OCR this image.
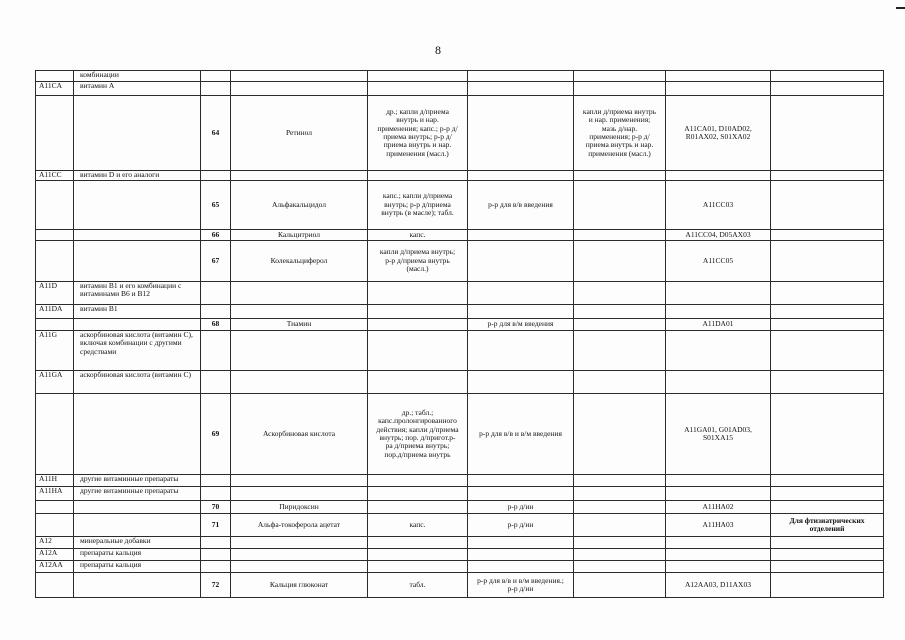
8
	комбинации							
A11CA	витамин A							
		64	Ретинол	др.; капли д/приема внутрь и нар. применения; капс.; р-р д/приема внутрь; р-р д/приема внутрь и нар. применения (масл.)		капли д/приема внутрь и нар. применения; мазь д/нар. применения; р-р д/приема внутрь и нар. применения (масл.)	A11CA01, D10AD02, R01AX02, S01XA02	
A11CC	витамин D и его аналоги							
		65	Альфакальцидол	капс.; капли д/приема внутрь; р-р д/приема внутрь (в масле); табл.	р-р для в/в введения		A11CC03	
		66	Кальцитриол	капс.			A11CC04, D05AX03	
		67	Колекальциферол	капли д/приема внутрь; р-р д/приема внутрь (масл.)			A11CC05	
A11D	витамин B1 и его комбинации с витаминами B6 и B12							
A11DA	витамин B1							
		68	Тиамин		р-р для в/м введения		A11DA01	
A11G	аскорбиновая кислота (витамин C), включая комбинации с другими средствами							
A11GA	аскорбиновая кислота (витамин C)							
		69	Аскорбиновая кислота	др.; табл.; капс.пролонгированного действия; капли д/приема внутрь; пор. д/пригот.р-ра д/приема внутрь; пор.д/приема внутрь	р-р для в/в и в/м введения		A11GA01, G01AD03, S01XA15	
A11H	другие витаминные препараты							
A11HA	другие витаминные препараты							
		70	Пиридоксин		р-р д/ин		A11HA02	
		71	Альфа-токоферола ацетат	капс.	р-р д/ин		A11HA03	Для фтизиатрических отделений
A12	минеральные добавки							
A12A	препараты кальция							
A12AA	препараты кальция							
		72	Кальция глюконат	табл.	р-р для в/в и в/м введения.; р-р д/ин		A12AA03, D11AX03	
